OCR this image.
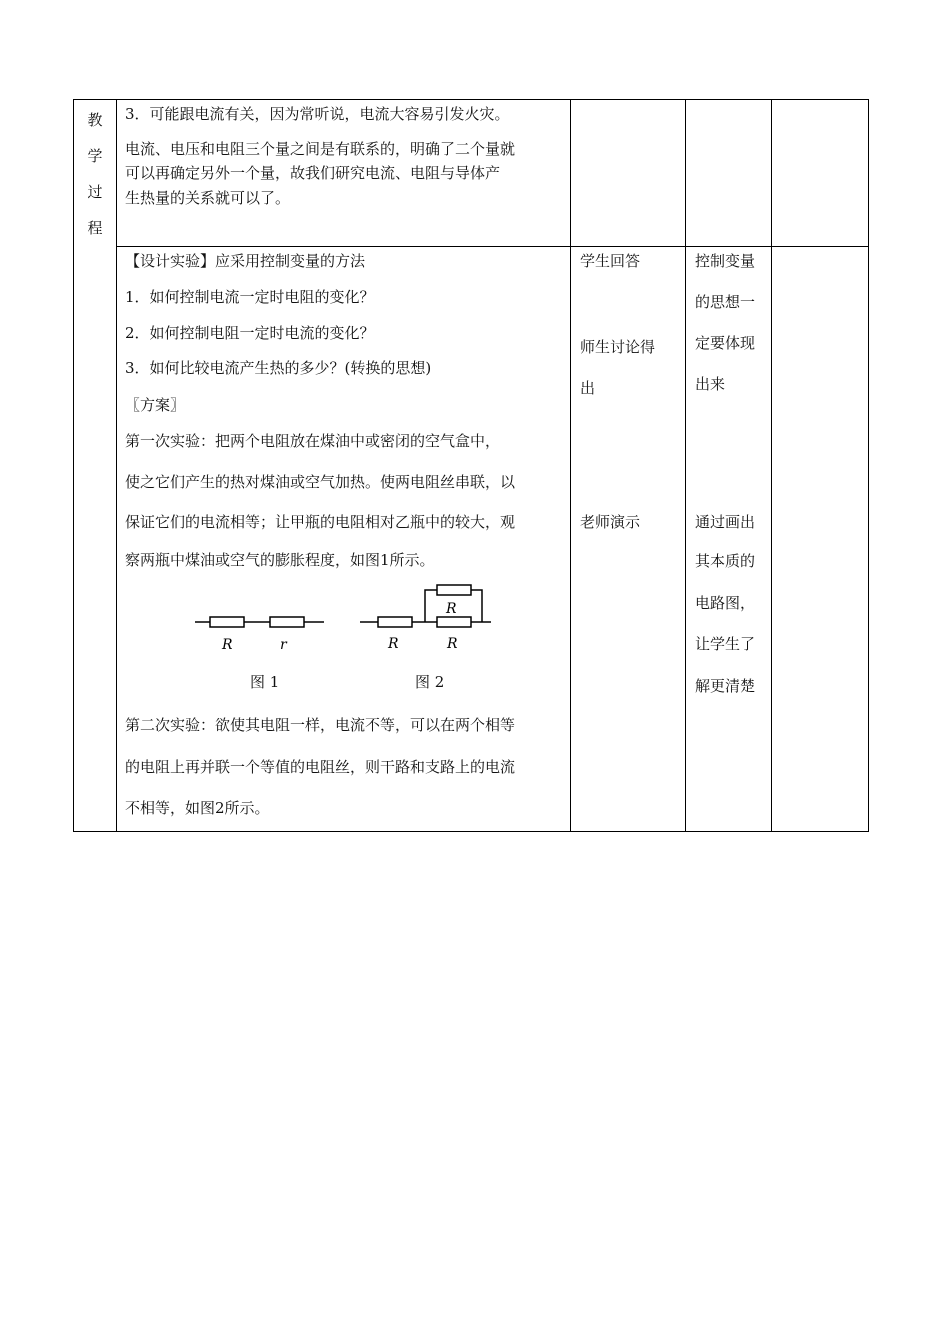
教
学
过
程
3．可能跟电流有关，因为常听说，电流大容易引发火灾。
电流、电压和电阻三个量之间是有联系的，明确了二个量就
可以再确定另外一个量，故我们研究电流、电阻与导体产
生热量的关系就可以了。
【设计实验】应采用控制变量的方法
1．如何控制电流一定时电阻的变化？
2．如何控制电阻一定时电流的变化？
3．如何比较电流产生热的多少？(转换的思想)
〖方案〗
第一次实验：把两个电阻放在煤油中或密闭的空气盒中，
使之它们产生的热对煤油或空气加热。使两电阻丝串联，以
保证它们的电流相等；让甲瓶的电阻相对乙瓶中的较大，观
察两瓶中煤油或空气的膨胀程度，如图1所示。
R	r
图 1
R
R	R
图 2
第二次实验：欲使其电阻一样，电流不等，可以在两个相等
的电阻上再并联一个等值的电阻丝，则干路和支路上的电流
不相等，如图2所示。
学生回答
师生讨论得
出
老师演示
控制变量
的思想一
定要体现
出来
通过画出
其本质的
电路图，
让学生了
解更清楚
